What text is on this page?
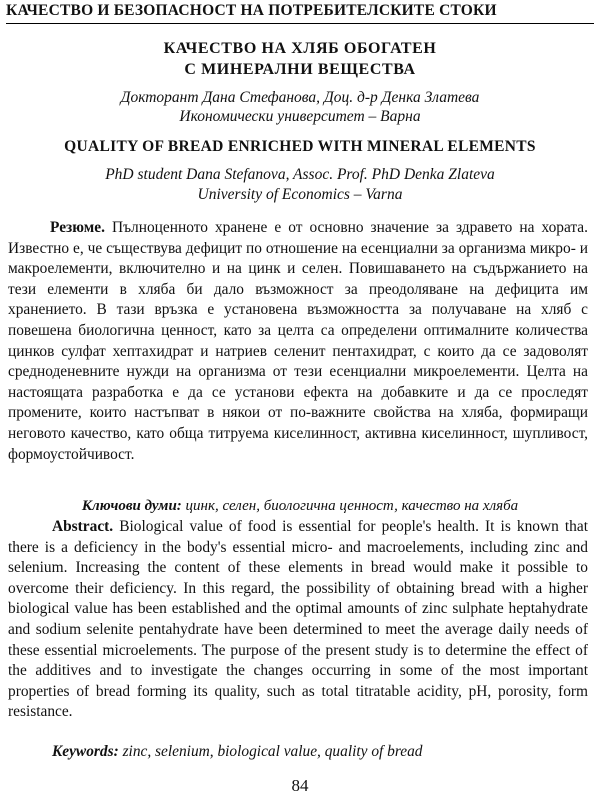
КАЧЕСТВО И БЕЗОПАСНОСТ НА ПОТРЕБИТЕЛСКИТЕ СТОКИ
КАЧЕСТВО НА ХЛЯБ ОБОГАТЕН
С МИНЕРАЛНИ ВЕЩЕСТВА
Докторант Дана Стефанова, Доц. д-р Денка Златева
Икономически университет – Варна
QUALITY OF BREAD ENRICHED WITH MINERAL ELEMENTS
PhD student Dana Stefanova, Assoc. Prof. PhD Denka Zlateva
University of Economics – Varna
Резюме. Пълноценното хранене е от основно значение за здравето на хората. Известно е, че съществува дефицит по отношение на есенциални за организма микро- и макроелементи, включително и на цинк и селен. Повишаването на съдържанието на тези елементи в хляба би дало възможност за преодоляване на дефицита им хранението. В тази връзка е установена възможността за получаване на хляб с повешена биологична ценност, като за целта са определени оптималните количества цинков сулфат хептахидрат и натриев селенит пентахидрат, с които да се задоволят средноденевните нужди на организма от тези есенциални микроелементи. Целта на настоящата разработка е да се установи ефекта на добавките и да се проследят промените, които настъпват в някои от по-важните свойства на хляба, формиращи неговото качество, като обща титруема киселинност, активна киселинност, шупливост, формоустойчивост.
Ключови думи: цинк, селен, биологична ценност, качество на хляба
Abstract. Biological value of food is essential for people's health. It is known that there is a deficiency in the body's essential micro- and macroelements, including zinc and selenium. Increasing the content of these elements in bread would make it possible to overcome their deficiency. In this regard, the possibility of obtaining bread with a higher biological value has been established and the optimal amounts of zinc sulphate heptahydrate and sodium selenite pentahydrate have been determined to meet the average daily needs of these essential microelements. The purpose of the present study is to determine the effect of the additives and to investigate the changes occurring in some of the most important properties of bread forming its quality, such as total titratable acidity, pH, porosity, form resistance.
Keywords: zinc, selenium, biological value, quality of bread
84
